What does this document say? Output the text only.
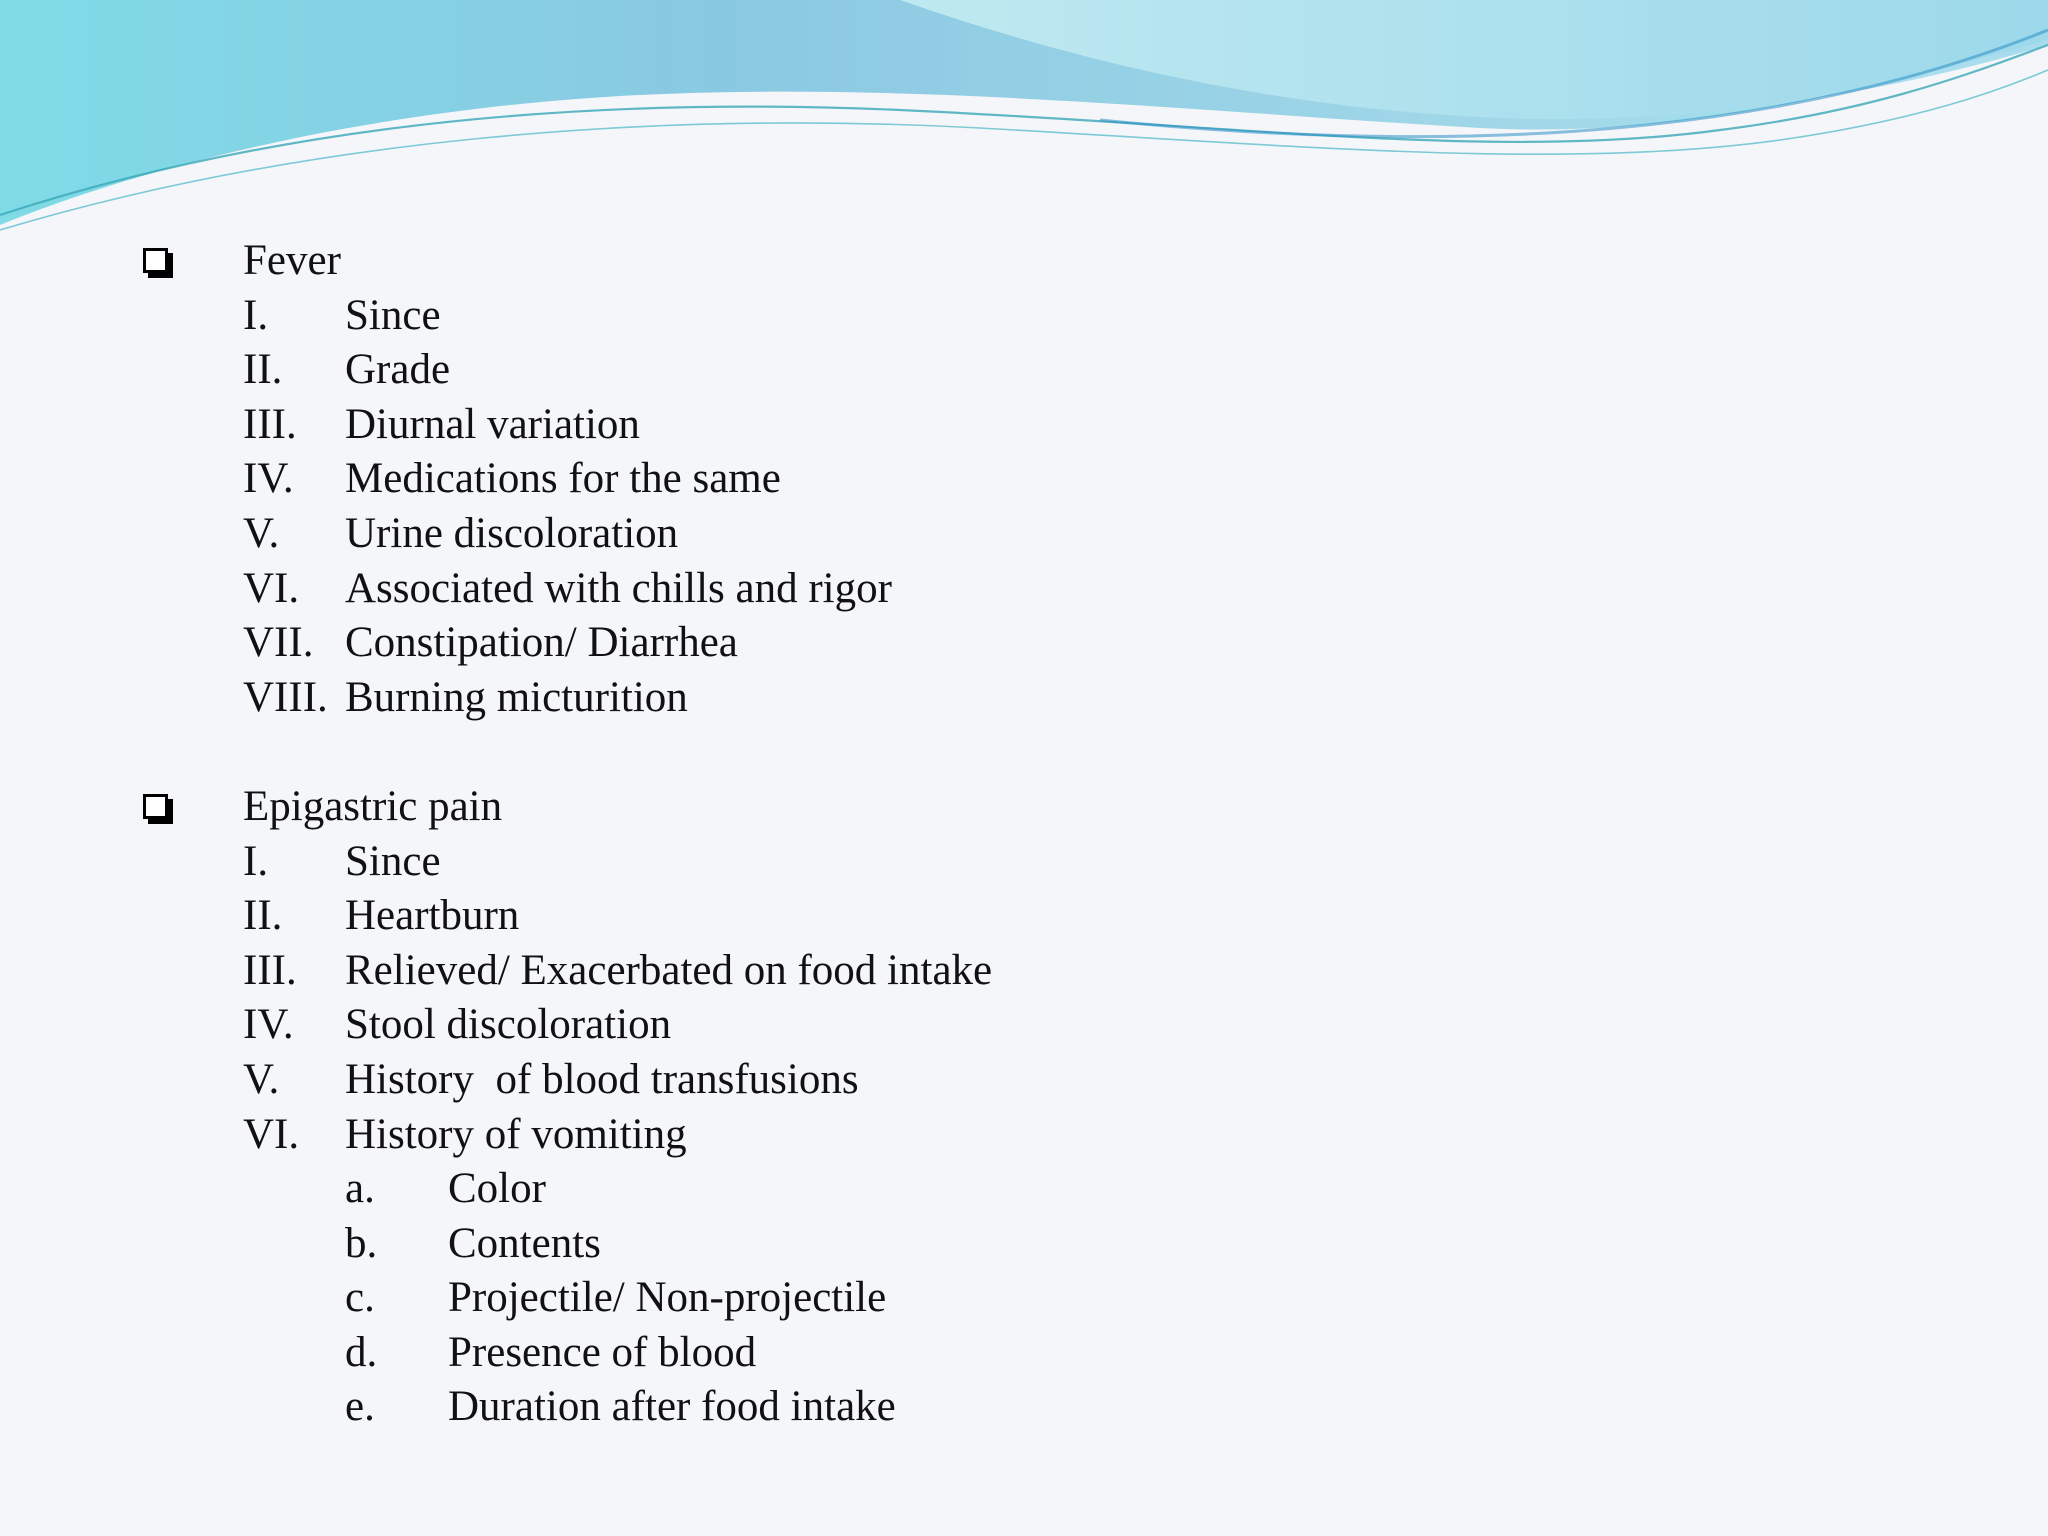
Fever
I. Since
II. Grade
III. Diurnal variation
IV. Medications for the same
V. Urine discoloration
VI. Associated with chills and rigor
VII. Constipation/ Diarrhea
VIII. Burning micturition
Epigastric pain
I. Since
II. Heartburn
III. Relieved/ Exacerbated on food intake
IV. Stool discoloration
V. History  of blood transfusions
VI. History of vomiting
a. Color
b. Contents
c. Projectile/ Non-projectile
d. Presence of blood
e. Duration after food intake
